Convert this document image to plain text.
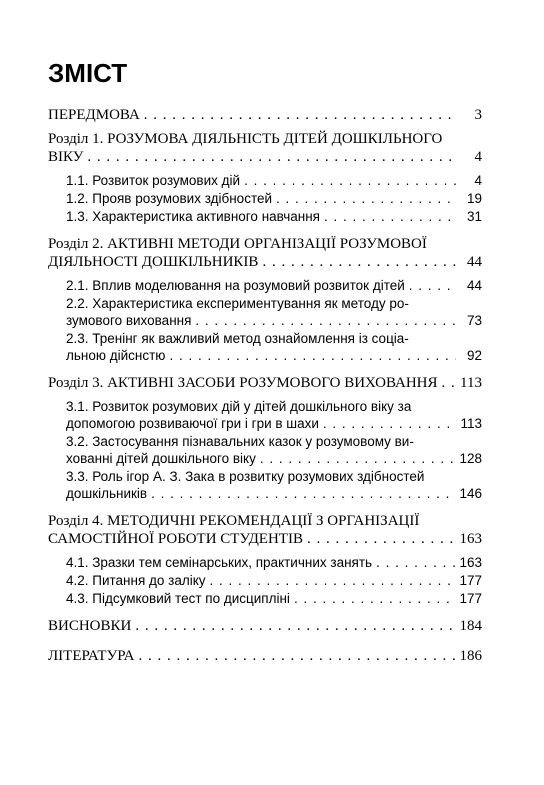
ЗМІСТ
ПЕРЕДМОВА . . .	3
Розділ 1. РОЗУМОВА ДІЯЛЬНІСТЬ ДІТЕЙ ДОШКІЛЬНОГО
ВІКУ . . .	4
1.1. Розвиток розумових дій . . .	4
1.2. Прояв розумових здібностей . . .	19
1.3. Характеристика активного навчання . . .	31
Розділ 2. АКТИВНІ МЕТОДИ ОРГАНІЗАЦІЇ РОЗУМОВОЇ
ДІЯЛЬНОСТІ ДОШКІЛЬНИКІВ . . .	44
2.1. Вплив моделювання на розумовий розвиток дітей . . .	44
2.2. Характеристика експериментування як методу ро-
зумового виховання . . .	73
2.3. Тренінг як важливий метод ознайомлення із соціа-
льною дійснстю . . .	92
Розділ 3. АКТИВНІ ЗАСОБИ РОЗУМОВОГО ВИХОВАННЯ . . . 113
3.1. Розвиток розумових дій у дітей дошкільного віку за
допомогою розвиваючої гри і гри в шахи . . .	113
3.2. Застосування пізнавальних казок у розумовому ви-
хованні дітей дошкільного віку . . .	128
3.3. Роль ігор А. З. Зака в розвитку розумових здібностей
дошкільників . . .	146
Розділ 4. МЕТОДИЧНІ РЕКОМЕНДАЦІЇ З ОРГАНІЗАЦІЇ
САМОСТІЙНОЇ РОБОТИ СТУДЕНТІВ . . .	163
4.1. Зразки тем семінарських, практичних занять . . .	163
4.2. Питання до заліку . . .	177
4.3. Підсумковий тест по дисципліні . . .	177
ВИСНОВКИ . . .	184
ЛІТЕРАТУРА . . .	186
